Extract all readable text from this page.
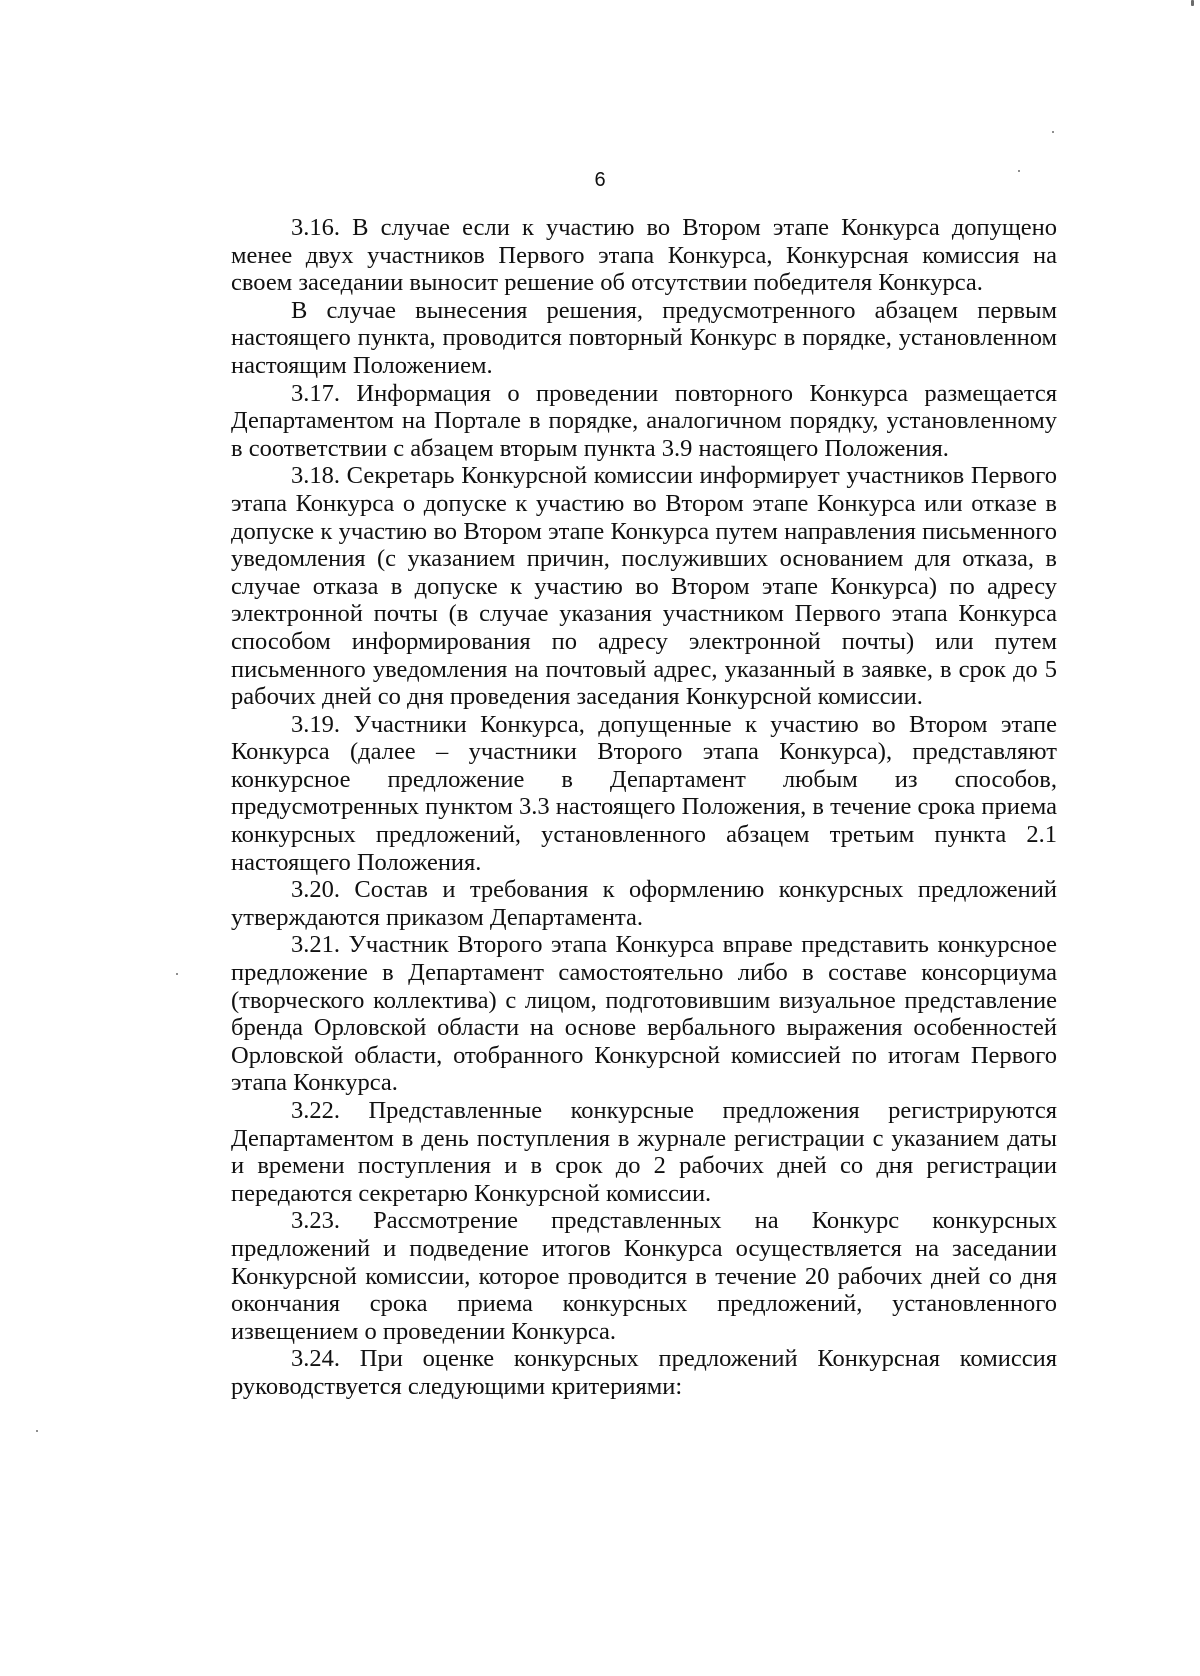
6

3.16. В случае если к участию во Втором этапе Конкурса допущено менее двух участников Первого этапа Конкурса, Конкурсная комиссия на своем заседании выносит решение об отсутствии победителя Конкурса.

В случае вынесения решения, предусмотренного абзацем первым настоящего пункта, проводится повторный Конкурс в порядке, установленном настоящим Положением.

3.17. Информация о проведении повторного Конкурса размещается Департаментом на Портале в порядке, аналогичном порядку, установленному в соответствии с абзацем вторым пункта 3.9 настоящего Положения.

3.18. Секретарь Конкурсной комиссии информирует участников Первого этапа Конкурса о допуске к участию во Втором этапе Конкурса или отказе в допуске к участию во Втором этапе Конкурса путем направления письменного уведомления (с указанием причин, послуживших основанием для отказа, в случае отказа в допуске к участию во Втором этапе Конкурса) по адресу электронной почты (в случае указания участником Первого этапа Конкурса способом информирования по адресу электронной почты) или путем письменного уведомления на почтовый адрес, указанный в заявке, в срок до 5 рабочих дней со дня проведения заседания Конкурсной комиссии.

3.19. Участники Конкурса, допущенные к участию во Втором этапе Конкурса (далее – участники Второго этапа Конкурса), представляют конкурсное предложение в Департамент любым из способов, предусмотренных пунктом 3.3 настоящего Положения, в течение срока приема конкурсных предложений, установленного абзацем третьим пункта 2.1 настоящего Положения.

3.20. Состав и требования к оформлению конкурсных предложений утверждаются приказом Департамента.

3.21. Участник Второго этапа Конкурса вправе представить конкурсное предложение в Департамент самостоятельно либо в составе консорциума (творческого коллектива) с лицом, подготовившим визуальное представление бренда Орловской области на основе вербального выражения особенностей Орловской области, отобранного Конкурсной комиссией по итогам Первого этапа Конкурса.

3.22. Представленные конкурсные предложения регистрируются Департаментом в день поступления в журнале регистрации с указанием даты и времени поступления и в срок до 2 рабочих дней со дня регистрации передаются секретарю Конкурсной комиссии.

3.23. Рассмотрение представленных на Конкурс конкурсных предложений и подведение итогов Конкурса осуществляется на заседании Конкурсной комиссии, которое проводится в течение 20 рабочих дней со дня окончания срока приема конкурсных предложений, установленного извещением о проведении Конкурса.

3.24. При оценке конкурсных предложений Конкурсная комиссия руководствуется следующими критериями:
